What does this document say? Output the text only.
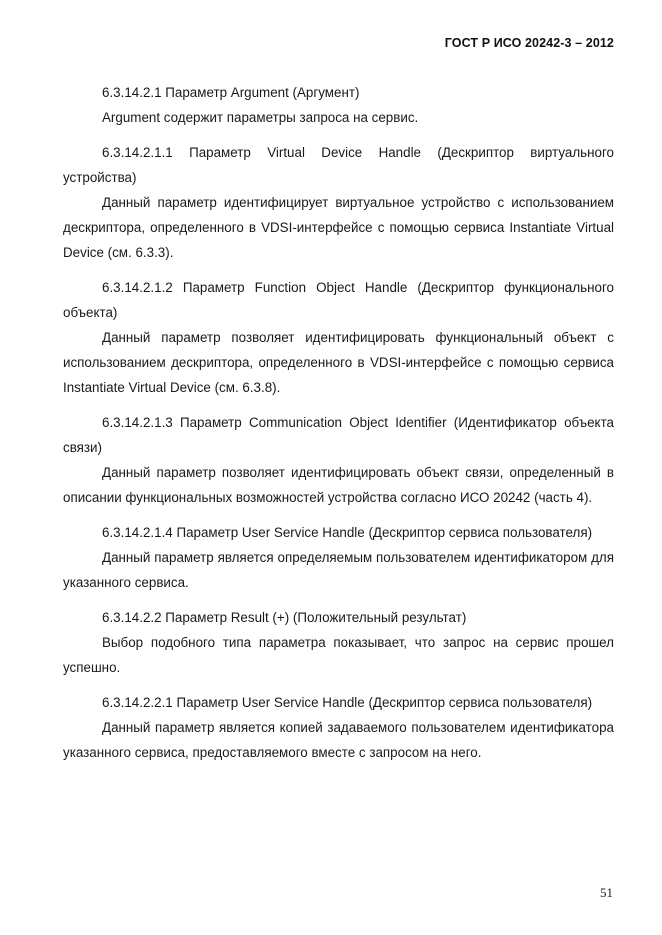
ГОСТ Р ИСО 20242-3 – 2012

6.3.14.2.1 Параметр Argument (Аргумент)

Argument содержит параметры запроса на сервис.

6.3.14.2.1.1 Параметр Virtual Device Handle (Дескриптор виртуального устройства)

Данный параметр идентифицирует виртуальное устройство с использованием дескриптора, определенного в VDSI-интерфейсе с помощью сервиса Instantiate Virtual Device (см. 6.3.3).

6.3.14.2.1.2 Параметр Function Object Handle (Дескриптор функционального объекта)

Данный параметр позволяет идентифицировать функциональный объект с использованием дескриптора, определенного в VDSI-интерфейсе с помощью сервиса Instantiate Virtual Device (см. 6.3.8).

6.3.14.2.1.3 Параметр Communication Object Identifier (Идентификатор объекта связи)

Данный параметр позволяет идентифицировать объект связи, определенный в описании функциональных возможностей устройства согласно ИСО 20242 (часть 4).

6.3.14.2.1.4 Параметр User Service Handle (Дескриптор сервиса пользователя)

Данный параметр является определяемым пользователем идентификатором для указанного сервиса.

6.3.14.2.2 Параметр Result (+) (Положительный результат)

Выбор подобного типа параметра показывает, что запрос на сервис прошел успешно.

6.3.14.2.2.1 Параметр User Service Handle (Дескриптор сервиса пользователя)

Данный параметр является копией задаваемого пользователем идентификатора указанного сервиса, предоставляемого вместе с запросом на него.

51
